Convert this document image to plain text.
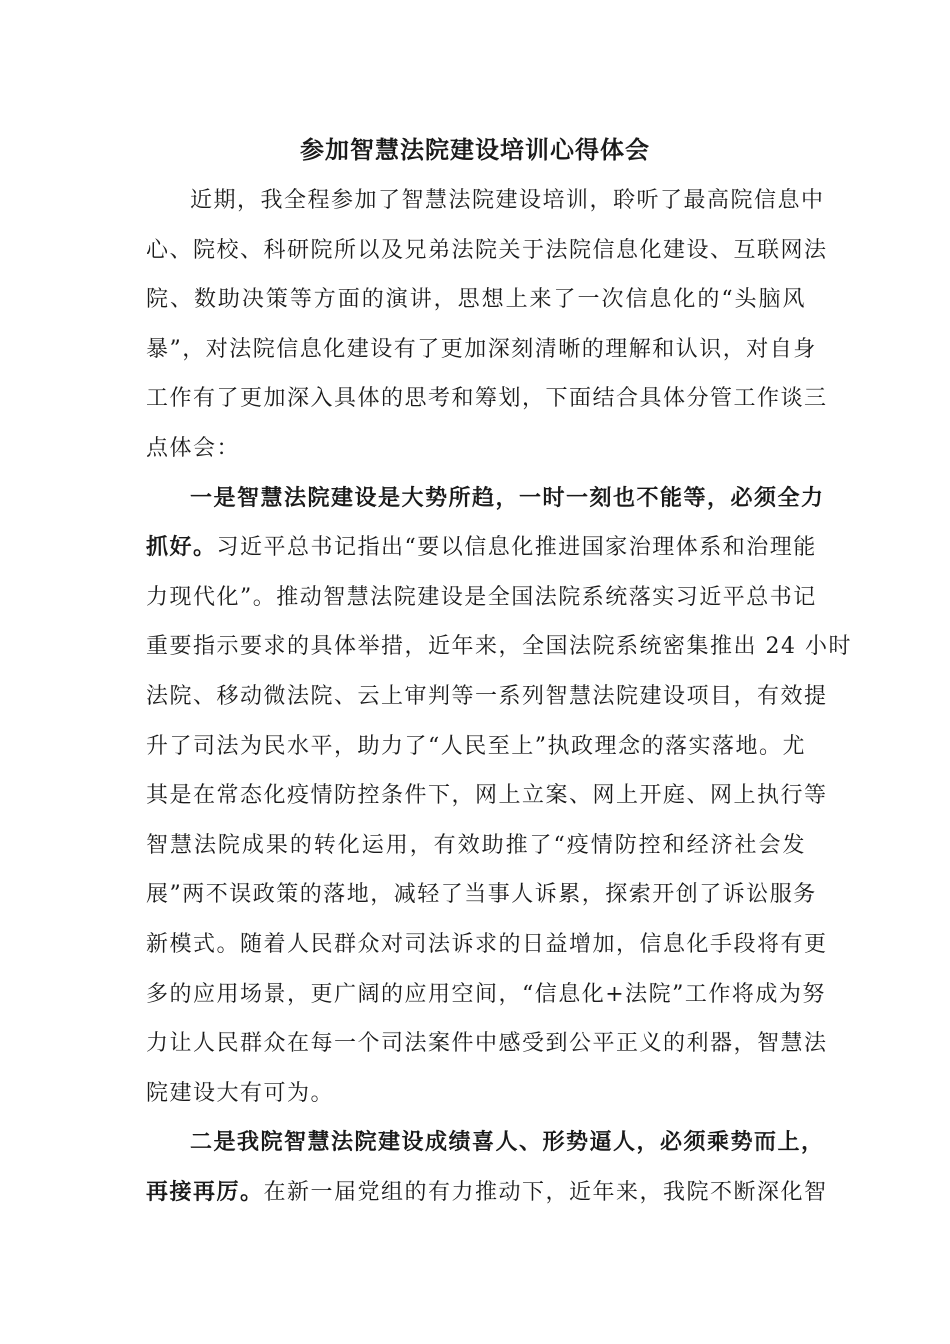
参加智慧法院建设培训心得体会
近期，我全程参加了智慧法院建设培训，聆听了最高院信息中
心、院校、科研院所以及兄弟法院关于法院信息化建设、互联网法
院、数助决策等方面的演讲，思想上来了一次信息化的“头脑风
暴”，对法院信息化建设有了更加深刻清晰的理解和认识，对自身
工作有了更加深入具体的思考和筹划，下面结合具体分管工作谈三
点体会：
一是智慧法院建设是大势所趋，一时一刻也不能等，必须全力
抓好。习近平总书记指出“要以信息化推进国家治理体系和治理能
力现代化”。推动智慧法院建设是全国法院系统落实习近平总书记
重要指示要求的具体举措，近年来，全国法院系统密集推出 24 小时
法院、移动微法院、云上审判等一系列智慧法院建设项目，有效提
升了司法为民水平，助力了“人民至上”执政理念的落实落地。尤
其是在常态化疫情防控条件下，网上立案、网上开庭、网上执行等
智慧法院成果的转化运用，有效助推了“疫情防控和经济社会发
展”两不误政策的落地，减轻了当事人诉累，探索开创了诉讼服务
新模式。随着人民群众对司法诉求的日益增加，信息化手段将有更
多的应用场景，更广阔的应用空间，“信息化+法院”工作将成为努
力让人民群众在每一个司法案件中感受到公平正义的利器，智慧法
院建设大有可为。
二是我院智慧法院建设成绩喜人、形势逼人，必须乘势而上，
再接再厉。在新一届党组的有力推动下，近年来，我院不断深化智
